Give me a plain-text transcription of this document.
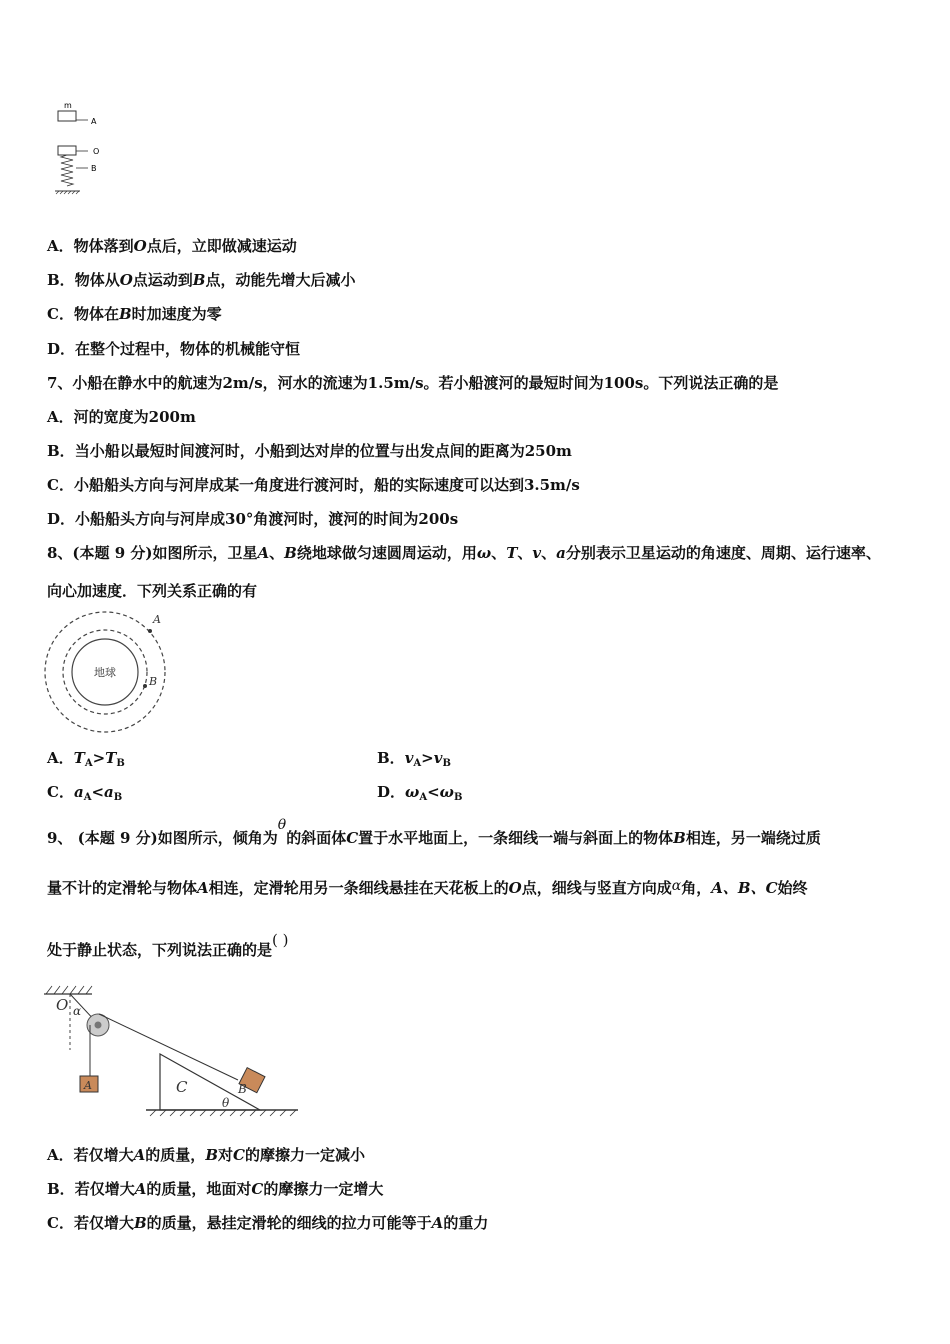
m
A
O
B
A．物体落到O点后，立即做减速运动
B．物体从O点运动到B点，动能先增大后减小
C．物体在B时加速度为零
D．在整个过程中，物体的机械能守恒
7、小船在静水中的航速为2m/s，河水的流速为1.5m/s。若小船渡河的最短时间为100s。下列说法正确的是
A．河的宽度为200m
B．当小船以最短时间渡河时，小船到达对岸的位置与出发点间的距离为250m
C．小船船头方向与河岸成某一角度进行渡河时，船的实际速度可以达到3.5m/s
D．小船船头方向与河岸成30°角渡河时，渡河的时间为200s
8、(本题 9 分)如图所示，卫星A、B绕地球做匀速圆周运动，用ω、T、v、a分别表示卫星运动的角速度、周期、运行速率、
向心加速度．下列关系正确的有
地球
A
B
A．$T_A>T_B$	B．$v_A>v_B$
C．$a_A<a_B$	D．$\omega_A<\omega_B$
9、 (本题 9 分)如图所示，倾角为θ的斜面体C置于水平地面上，一条细线一端与斜面上的物体B相连，另一端绕过质
量不计的定滑轮与物体A相连，定滑轮用另一条细线悬挂在天花板上的O点，细线与竖直方向成α角，A、B、C始终
处于静止状态，下列说法正确的是( )
O α
A	C	B
θ
A．若仅增大A的质量，B对C的摩擦力一定减小
B．若仅增大A的质量，地面对C的摩擦力一定增大
C．若仅增大B的质量，悬挂定滑轮的细线的拉力可能等于A的重力
